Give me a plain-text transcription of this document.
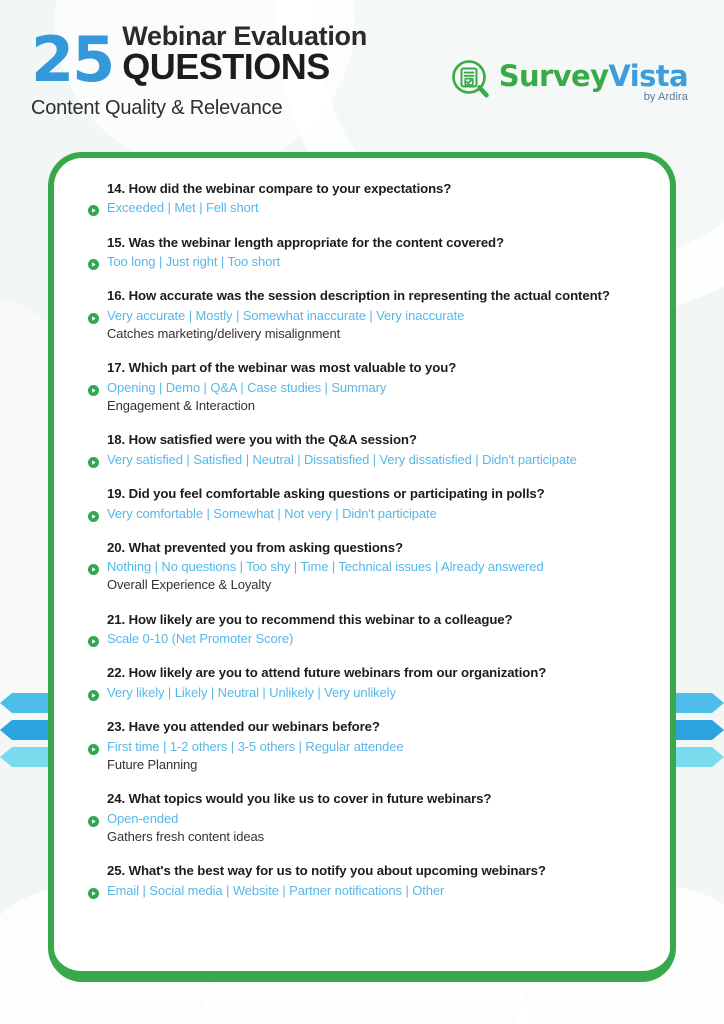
25 Webinar Evaluation
QUESTIONS
Content Quality & Relevance
SurveyVista
by Ardira
14. How did the webinar compare to your expectations?
Exceeded | Met | Fell short
15. Was the webinar length appropriate for the content covered?
Too long | Just right | Too short
16. How accurate was the session description in representing the actual content?
Very accurate | Mostly | Somewhat inaccurate | Very inaccurate
Catches marketing/delivery misalignment
17. Which part of the webinar was most valuable to you?
Opening | Demo | Q&A | Case studies | Summary
Engagement & Interaction
18. How satisfied were you with the Q&A session?
Very satisfied | Satisfied | Neutral | Dissatisfied | Very dissatisfied | Didn't participate
19. Did you feel comfortable asking questions or participating in polls?
Very comfortable | Somewhat | Not very | Didn't participate
20. What prevented you from asking questions?
Nothing | No questions | Too shy | Time | Technical issues | Already answered
Overall Experience & Loyalty
21. How likely are you to recommend this webinar to a colleague?
Scale 0-10 (Net Promoter Score)
22. How likely are you to attend future webinars from our organization?
Very likely | Likely | Neutral | Unlikely | Very unlikely
23. Have you attended our webinars before?
First time | 1-2 others | 3-5 others | Regular attendee
Future Planning
24. What topics would you like us to cover in future webinars?
Open-ended
Gathers fresh content ideas
25. What's the best way for us to notify you about upcoming webinars?
Email | Social media | Website | Partner notifications | Other
